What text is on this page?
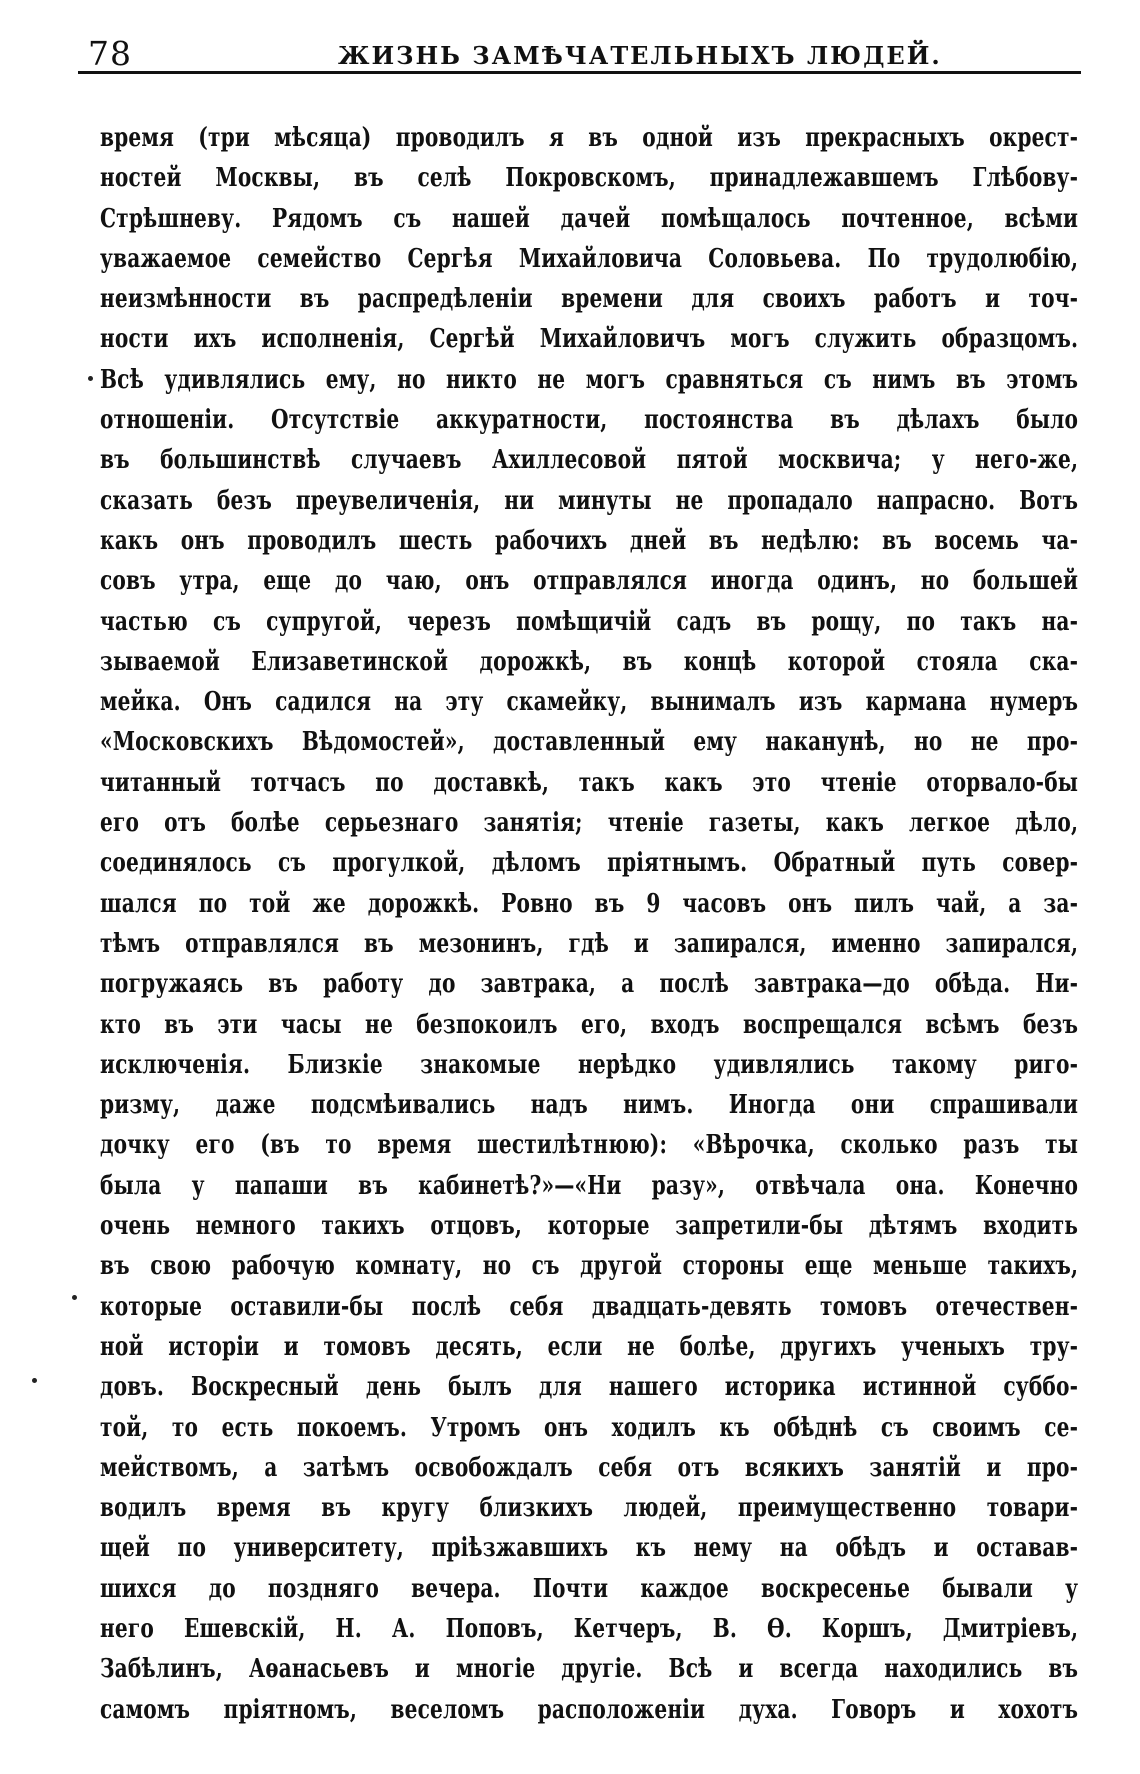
78	ЖИЗНЬ ЗАМѢЧАТЕЛЬНЫХЪ ЛЮДЕЙ.
время (три мѣсяца) проводилъ я въ одной изъ прекрасныхъ окрест-
ностей Москвы, въ селѣ Покровскомъ, принадлежавшемъ Глѣбову-
Стрѣшневу. Рядомъ съ нашей дачей помѣщалось почтенное, всѣми
уважаемое семейство Сергѣя Михайловича Соловьева. По трудолюбію,
неизмѣнности въ распредѣленіи времени для своихъ работъ и точ-
ности ихъ исполненія, Сергѣй Михайловичъ могъ служить образцомъ.
Всѣ удивлялись ему, но никто не могъ сравняться съ нимъ въ этомъ
отношеніи. Отсутствіе аккуратности, постоянства въ дѣлахъ было
въ большинствѣ случаевъ Ахиллесовой пятой москвича; у него-же,
сказать безъ преувеличенія, ни минуты не пропадало напрасно. Вотъ
какъ онъ проводилъ шесть рабочихъ дней въ недѣлю: въ восемь ча-
совъ утра, еще до чаю, онъ отправлялся иногда одинъ, но большей
частью съ супругой, черезъ помѣщичій садъ въ рощу, по такъ на-
зываемой Елизаветинской дорожкѣ, въ концѣ которой стояла ска-
мейка. Онъ садился на эту скамейку, вынималъ изъ кармана нумеръ
«Московскихъ Вѣдомостей», доставленный ему наканунѣ, но не про-
читанный тотчасъ по доставкѣ, такъ какъ это чтеніе оторвало-бы
его отъ болѣе серьезнаго занятія; чтеніе газеты, какъ легкое дѣло,
соединялось съ прогулкой, дѣломъ пріятнымъ. Обратный путь совер-
шался по той же дорожкѣ. Ровно въ 9 часовъ онъ пилъ чай, а за-
тѣмъ отправлялся въ мезонинъ, гдѣ и запирался, именно запирался,
погружаясь въ работу до завтрака, а послѣ завтрака—до обѣда. Ни-
кто въ эти часы не безпокоилъ его, входъ воспрещался всѣмъ безъ
исключенія. Близкіе знакомые нерѣдко удивлялись такому риго-
ризму, даже подсмѣивались надъ нимъ. Иногда они спрашивали
дочку его (въ то время шестилѣтнюю): «Вѣрочка, сколько разъ ты
была у папаши въ кабинетѣ?»—«Ни разу», отвѣчала она. Конечно
очень немного такихъ отцовъ, которые запретили-бы дѣтямъ входить
въ свою рабочую комнату, но съ другой стороны еще меньше такихъ,
которые оставили-бы послѣ себя двадцать-девять томовъ отечествен-
ной исторіи и томовъ десять, если не болѣе, другихъ ученыхъ тру-
довъ. Воскресный день былъ для нашего историка истинной суббо-
той, то есть покоемъ. Утромъ онъ ходилъ къ обѣднѣ съ своимъ се-
мействомъ, а затѣмъ освобождалъ себя отъ всякихъ занятій и про-
водилъ время въ кругу близкихъ людей, преимущественно товари-
щей по университету, пріѣзжавшихъ къ нему на обѣдъ и оставав-
шихся до поздняго вечера. Почти каждое воскресенье бывали у
него Ешевскій, Н. А. Поповъ, Кетчеръ, В. Ѳ. Коршъ, Дмитріевъ,
Забѣлинъ, Аѳанасьевъ и многіе другіе. Всѣ и всегда находились въ
самомъ пріятномъ, веселомъ расположеніи духа. Говоръ и хохотъ
